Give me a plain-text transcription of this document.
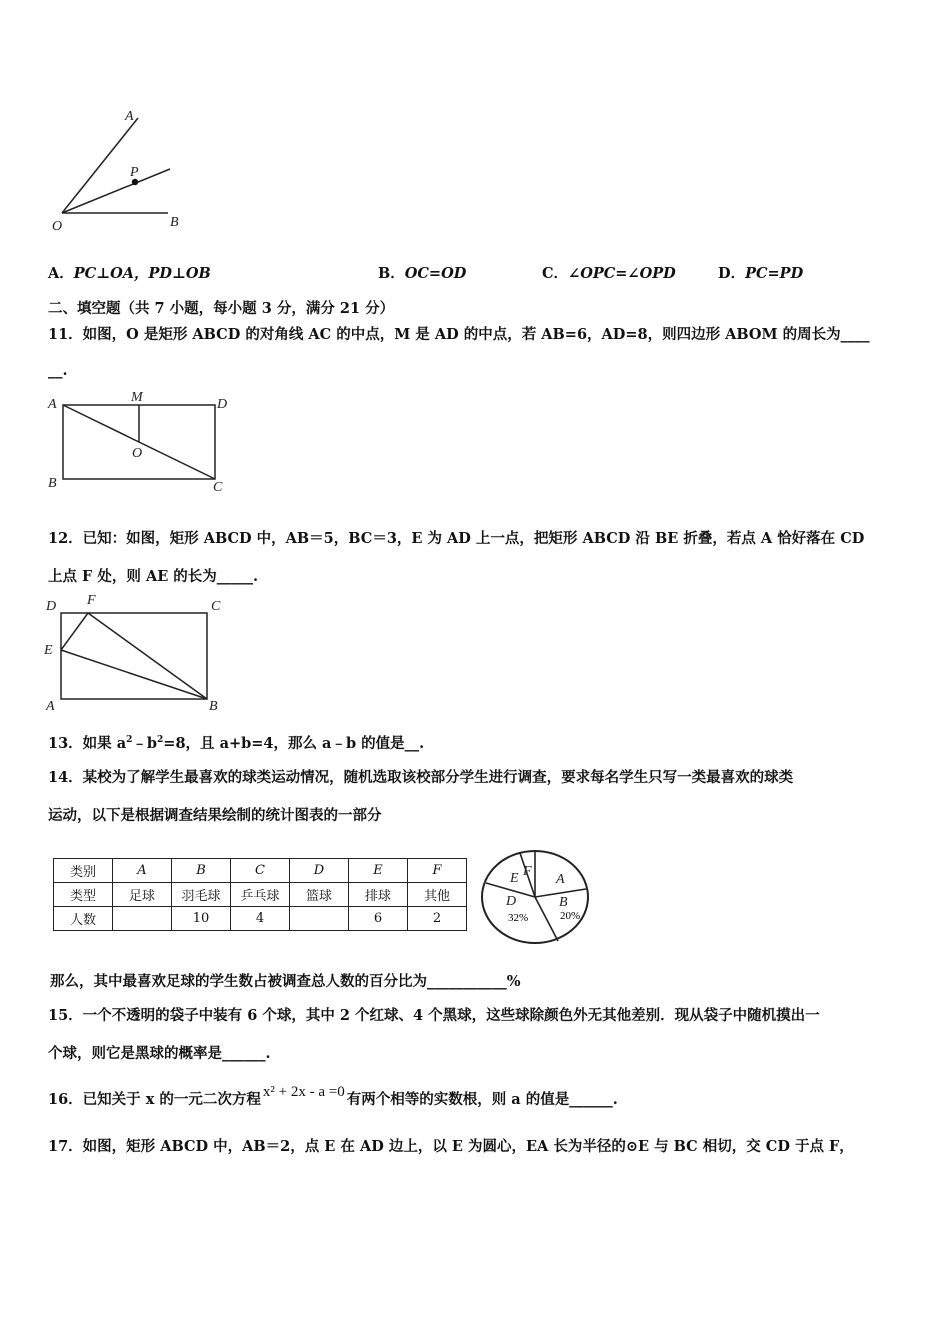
A
P
O	B
A．PC⊥OA，PD⊥OB	B．OC=OD	C．∠OPC=∠OPD	D．PC=PD
二、填空题（共 7 小题，每小题 3 分，满分 21 分）
11．如图，O 是矩形 ABCD 的对角线 AC 的中点，M 是 AD 的中点，若 AB=6，AD=8，则四边形 ABOM 的周长为____
__.
A	M	D
O
B	C
12．已知：如图，矩形 ABCD 中，AB＝5，BC＝3，E 为 AD 上一点，把矩形 ABCD 沿 BE 折叠，若点 A 恰好落在 CD
上点 F 处，则 AE 的长为_____.
D F	C
E
A	B
13．如果 $a^2﹣b^2=8$，且 a+b=4，那么 a﹣b 的值是__.
14．某校为了解学生最喜欢的球类运动情况，随机选取该校部分学生进行调查，要求每名学生只写一类最喜欢的球类
运动，以下是根据调查结果绘制的统计图表的一部分
类别	A	B	C	D	E	F
类型	足球	羽毛球	乒乓球	篮球	排球	其他
人数		10	4		6	2
F
E	A
D
32%
B
20%
那么，其中最喜欢足球的学生数占被调查总人数的百分比为___________%
15．一个不透明的袋子中装有 6 个球，其中 2 个红球、4 个黑球，这些球除颜色外无其他差别．现从袋子中随机摸出一
个球，则它是黑球的概率是______.
16．已知关于 x 的一元二次方程 x² + 2x - a =0 有两个相等的实数根，则 a 的值是______.
17．如图，矩形 ABCD 中，AB＝2，点 E 在 AD 边上，以 E 为圆心，EA 长为半径的⊙E 与 BC 相切，交 CD 于点 F，
